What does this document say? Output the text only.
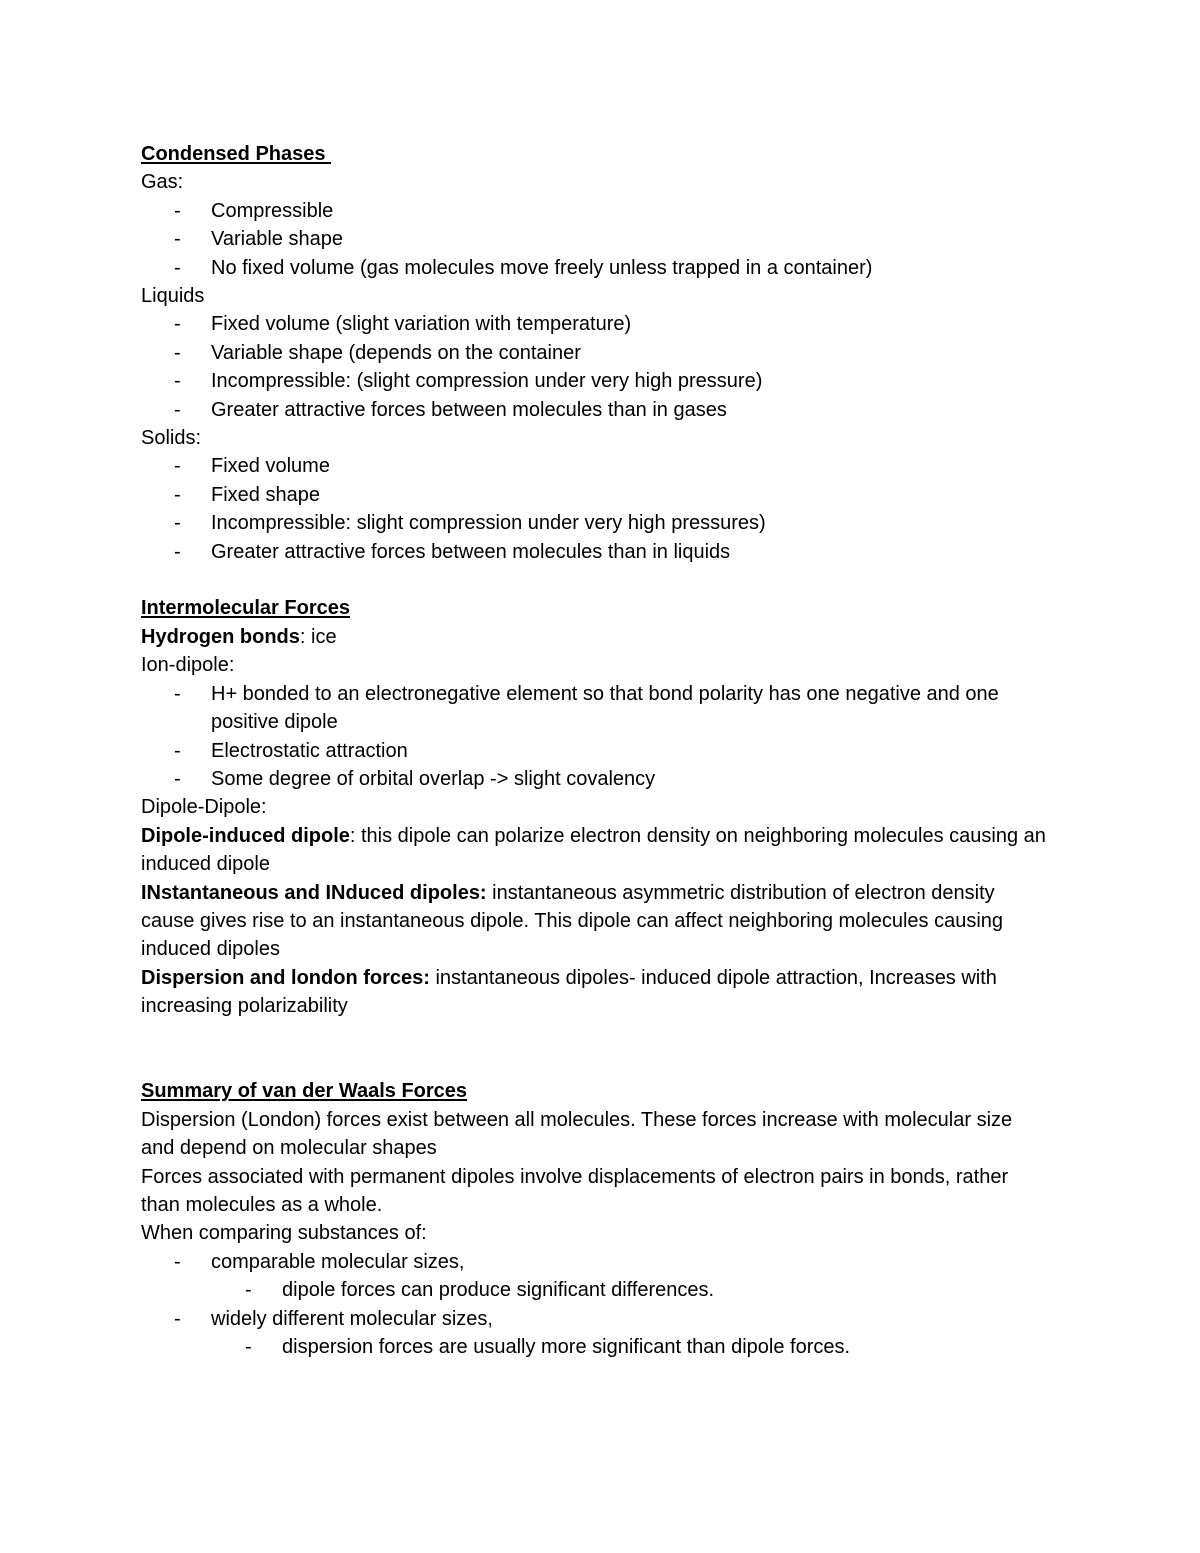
Condensed Phases

Gas:

-	Compressible
-	Variable shape
-	No fixed volume (gas molecules move freely unless trapped in a container)

Liquids

-	Fixed volume (slight variation with temperature)
-	Variable shape (depends on the container
-	Incompressible: (slight compression under very high pressure)
-	Greater attractive forces between molecules than in gases

Solids:

-	Fixed volume
-	Fixed shape
-	Incompressible: slight compression under very high pressures)
-	Greater attractive forces between molecules than in liquids

Intermolecular Forces

Hydrogen bonds: ice

Ion-dipole:

-	H+ bonded to an electronegative element so that bond polarity has one negative and one positive dipole
-	Electrostatic attraction
-	Some degree of orbital overlap -> slight covalency

Dipole-Dipole:

Dipole-induced dipole: this dipole can polarize electron density on neighboring molecules causing an induced dipole

INstantaneous and INduced dipoles: instantaneous asymmetric distribution of electron density cause gives rise to an instantaneous dipole. This dipole can affect neighboring molecules causing induced dipoles

Dispersion and london forces: instantaneous dipoles- induced dipole attraction, Increases with increasing polarizability

Summary of van der Waals Forces

Dispersion (London) forces exist between all molecules. These forces increase with molecular size and depend on molecular shapes

Forces associated with permanent dipoles involve displacements of electron pairs in bonds, rather than molecules as a whole.

When comparing substances of:

-	comparable molecular sizes,
-	dipole forces can produce significant differences.
-	widely different molecular sizes,
-	dispersion forces are usually more significant than dipole forces.
